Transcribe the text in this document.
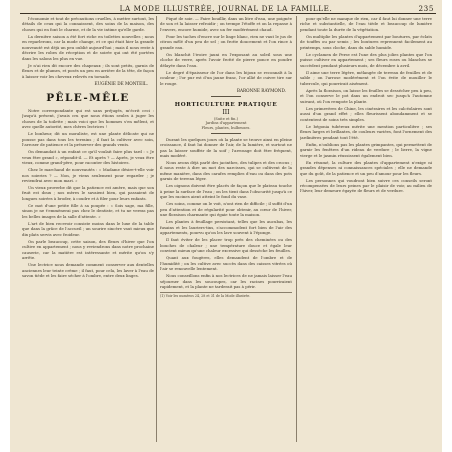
LA MODE ILLUSTRÉE, JOURNAL DE LA FAMILLE.	235

l'économie et tout de précautions cruelles, à mettre surtout, les détails de ceux qui la connaissent, des soins de la maison, des choses qui en font le charme, et de la vie intime qu'elle garde.

La dernière saison a été fort riche en toilettes nouvelles ; nous en reparlerons, car la mode change, et ce qui était hier la grande nouveauté est déjà un peu oublié aujourd'hui ; mais il nous reste à décrire les robes de réception et de soirée qui ont été portées dans les salons les plus en vue.

Je n'ai rien dit encore des chapeaux ; ils sont petits, garnis de fleurs et de plumes, et posés un peu en arrière de la tête, de façon à laisser voir les cheveux relevés en torsade.

EUGÉNIE DE MONTEIL.
PÊLE-MÊLE

Notre correspondante qui est sans préjugés, m'écrit ceci : Jusqu'à présent, j'avais cru que nous étions seules à juger les choses de la toilette ; mais voici que les hommes s'en mêlent, et avec quelle autorité, mes chères lectrices !

Le bonheur, dit un moraliste, est une plante délicate qui ne pousse pas dans tous les terrains ; il faut la cultiver avec soin, l'arroser de patience et la préserver des grands vents.

On demandait à un enfant ce qu'il voulait faire plus tard : « Je veux être grand », répondit-il. — Et après ? — Après, je veux être vieux, comme grand-père, pour raconter des histoires.

Chez le marchand de nouveautés : « Madame désire-t-elle voir nos soieries ? — Non, je viens seulement pour regarder ; je reviendrai avec mon mari. »

Un vieux proverbe dit que la patience est amère, mais que son fruit est doux ; nos mères le savaient bien, qui passaient de longues soirées à broder, à coudre et à filer pour leurs enfants.

Ce mot d'une petite fille à sa poupée : « Sois sage, ma fille, sinon je ne t'emmènerai pas chez le dentiste, et tu ne verras pas les belles images de la salle d'attente. »

L'art de bien recevoir consiste moins dans le luxe de la table que dans la grâce de l'accueil ; un sourire sincère vaut mieux que dix plats servis avec froideur.

On parle beaucoup, cette saison, des fleurs d'hiver que l'on cultive en appartement ; nous y reviendrons dans notre prochaine causerie, car la matière est intéressante et mérite qu'on s'y arrête.

Une lectrice nous demande comment conserver aux dentelles anciennes leur teinte crème ; il faut, pour cela, les laver à l'eau de savon tiède et les faire sécher à l'ombre, entre deux linges.

Piqué de soie. — Faire bouillir, dans un litre d'eau, une poignée de son et la laisser refroidir ; on trempe l'étoffe et on la repasse à l'envers, encore humide, avec un fer modérément chaud.

Pour les taches d'encre sur le linge blanc, rien ne vaut le jus de citron mêlé d'un peu de sel ; on frotte doucement et l'on rince à grande eau.

On blanchit l'ivoire jauni en l'exposant au soleil sous une cloche de verre, après l'avoir frotté de pierre ponce en poudre délayée dans l'eau.

Le degré d'épaisseur de l'or dans les bijoux se reconnaît à la couleur ; l'or pur est d'un jaune franc, l'or allié de cuivre tire sur le rouge.

BARONNE RAYMOND.
HORTICULTURE PRATIQUE
III
(Suite et fin.)
Jardins d'appartement
Fleurs, plantes, bulbeuses.

Durant les quelques jours où la plante se trouve ainsi en pleine croissance, il faut lui donner de l'air, de la lumière, et surtout ne pas la laisser souffrir de la soif ; l'arrosage doit être fréquent, mais modéré.

Nous avons déjà parlé des jacinthes, des tulipes et des crocus ; il nous reste à dire un mot des narcisses, qui se cultivent de la même manière, dans des carafes remplies d'eau ou dans des pots garnis de terreau léger.

Les oignons doivent être placés de façon que le plateau touche à peine la surface de l'eau ; on les tient dans l'obscurité jusqu'à ce que les racines aient atteint le fond du vase.

Ces soins, comme on le voit, n'ont rien de difficile ; il suffit d'un peu d'attention et de régularité pour obtenir, au cœur de l'hiver, une floraison charmante qui égaie toute la maison.

Les plantes à feuillage persistant, telles que les aucubas, les fusains et les lauriers-tins, s'accommodent fort bien de l'air des appartements, pourvu qu'on les lave souvent à l'éponge.

Il faut éviter de les placer trop près des cheminées ou des bouches de chaleur ; une température douce et égale leur convient mieux qu'une chaleur excessive qui dessèche les feuilles.

Quant aux fougères, elles demandent de l'ombre et de l'humidité ; on les cultive avec succès dans des caisses vitrées où l'air se renouvelle lentement.

Nous conseillons enfin à nos lectrices de ne jamais laisser l'eau séjourner dans les soucoupes, car les racines pourriraient rapidement, et la plante ne tarderait pas à périr.

(1) Voir les numéros 24, 28 et 31 de la Mode illustrée.

pour qu'elle ne manque de rien, car il faut lui donner une terre riche et substantielle, de l'eau tiède et beaucoup de lumière pendant toute la durée de la végétation.

On multiplie les plantes d'appartement par boutures, par éclats de touffes ou par semis ; les boutures reprennent facilement au printemps, sous cloche, dans du sable humide.

Le cyclamen de Perse est l'une des plus jolies plantes que l'on puisse cultiver en appartement ; ses fleurs roses ou blanches se succèdent pendant plusieurs mois, de décembre à avril.

Il aime une terre légère, mélangée de terreau de feuilles et de sable ; on l'arrose modérément et l'on évite de mouiller le tubercule, qui pourrirait aisément.

Après la floraison, on laisse les feuilles se dessécher peu à peu, et l'on conserve le pot dans un endroit sec jusqu'à l'automne suivant, où l'on rempote la plante.

Les primevères de Chine, les cinéraires et les calcéolaires sont aussi d'un grand effet ; elles fleurissent abondamment et se contentent de soins très simples.

Le bégonia tubéreux mérite une mention particulière ; ses fleurs larges et brillantes, de couleurs variées, font l'ornement des jardinières pendant tout l'été.

Enfin, n'oublions pas les plantes grimpantes, qui permettent de garnir les fenêtres d'un rideau de verdure ; le lierre, la vigne vierge et le jasmin réussissent également bien.

En résumé, la culture des plantes d'appartement n'exige ni grandes dépenses ni connaissances spéciales ; elle ne demande que du goût, de la patience et un peu d'amour pour les fleurs.

Les personnes qui voudront bien suivre ces conseils seront récompensées de leurs peines par le plaisir de voir, au milieu de l'hiver, leur demeure égayée de fleurs et de verdure.
